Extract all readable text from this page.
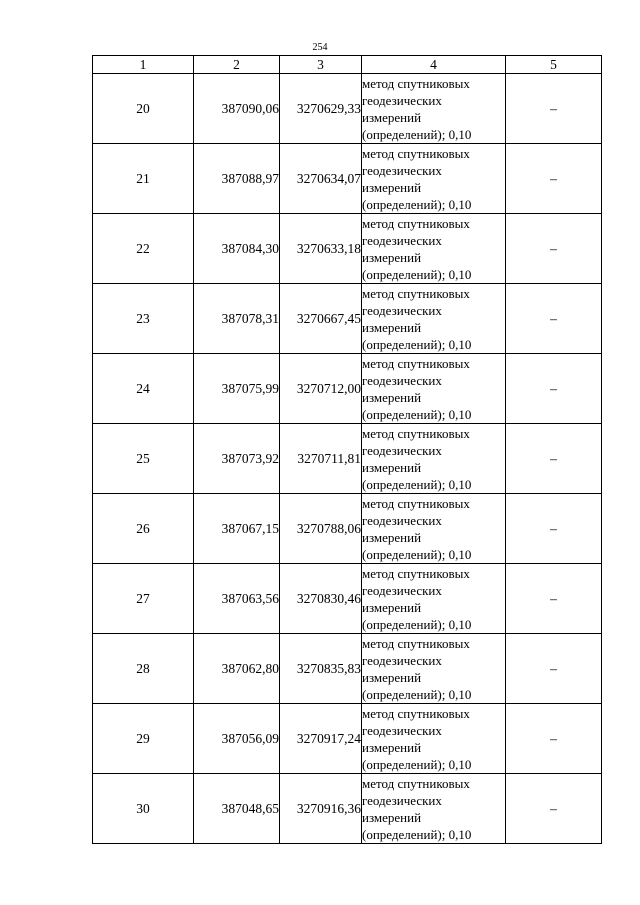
254
1	2	3	4	5
20	387090,06	3270629,33	метод спутниковых
геодезических
измерений
(определений); 0,10	–
21	387088,97	3270634,07	метод спутниковых
геодезических
измерений
(определений); 0,10	–
22	387084,30	3270633,18	метод спутниковых
геодезических
измерений
(определений); 0,10	–
23	387078,31	3270667,45	метод спутниковых
геодезических
измерений
(определений); 0,10	–
24	387075,99	3270712,00	метод спутниковых
геодезических
измерений
(определений); 0,10	–
25	387073,92	3270711,81	метод спутниковых
геодезических
измерений
(определений); 0,10	–
26	387067,15	3270788,06	метод спутниковых
геодезических
измерений
(определений); 0,10	–
27	387063,56	3270830,46	метод спутниковых
геодезических
измерений
(определений); 0,10	–
28	387062,80	3270835,83	метод спутниковых
геодезических
измерений
(определений); 0,10	–
29	387056,09	3270917,24	метод спутниковых
геодезических
измерений
(определений); 0,10	–
30	387048,65	3270916,36	метод спутниковых
геодезических
измерений
(определений); 0,10	–
